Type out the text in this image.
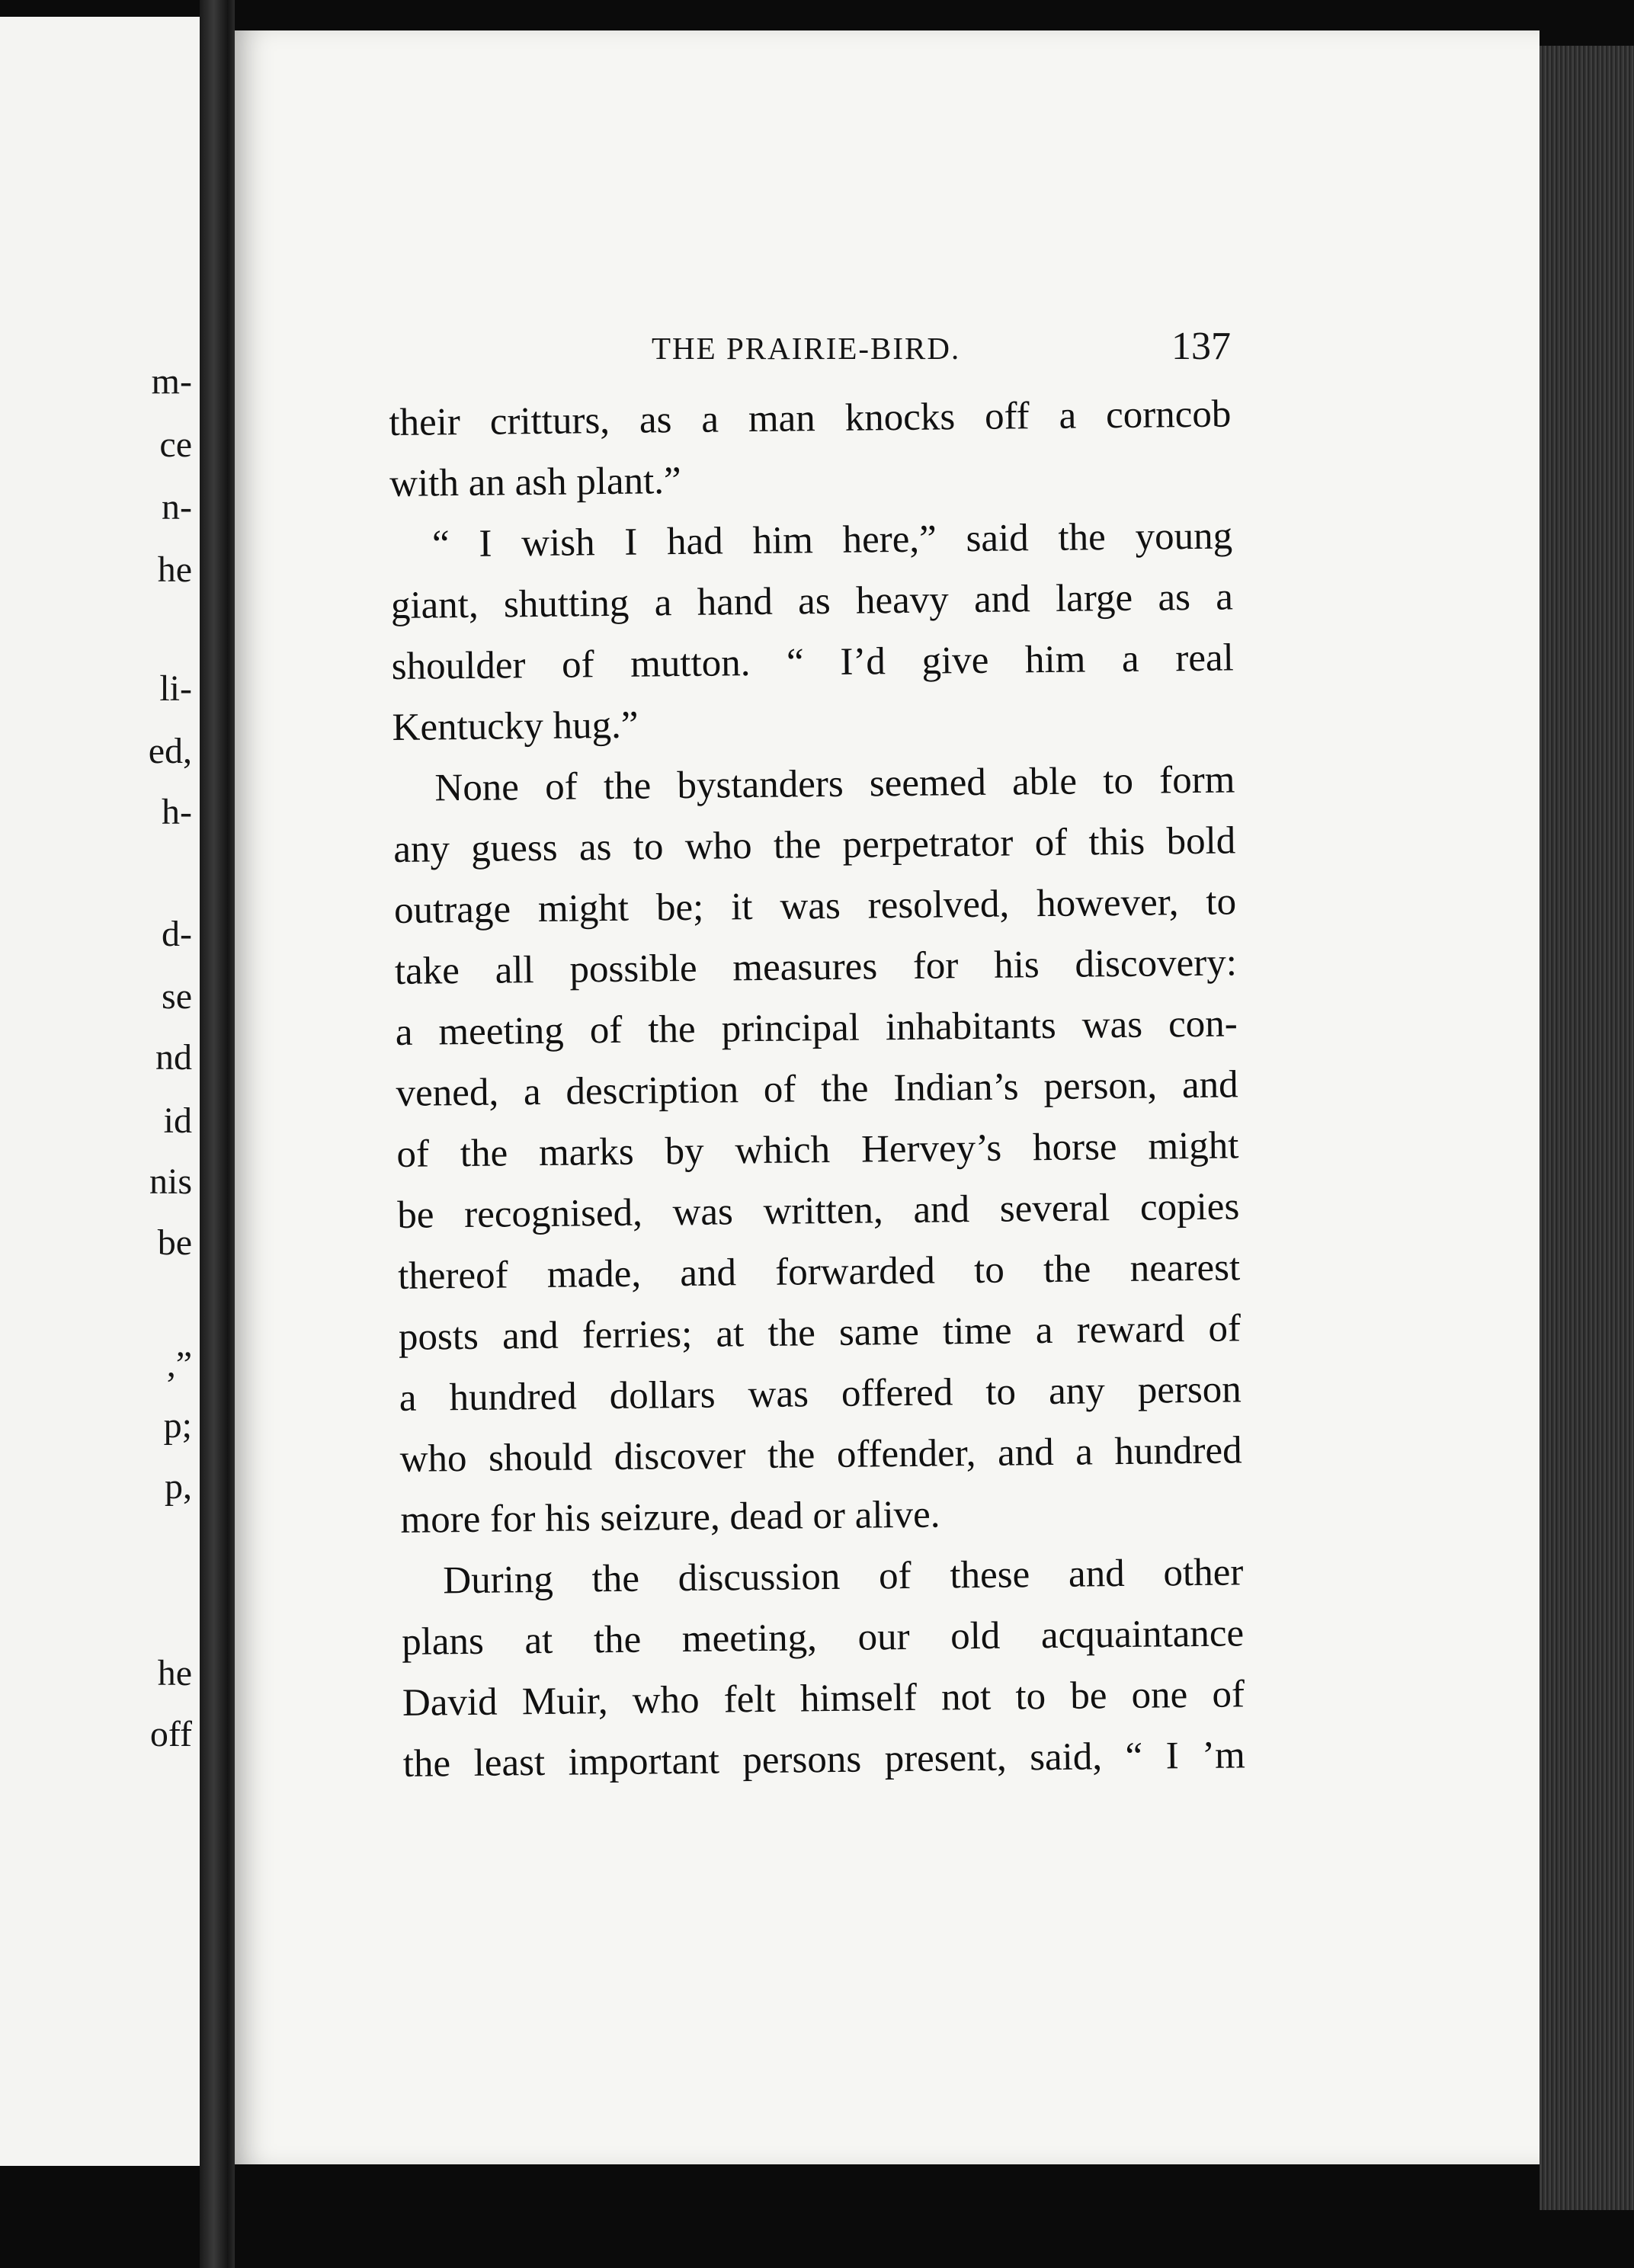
m-
ce
n-
he
li-
ed,
h-
d-
se
nd
id
nis
be
,”
p;
p,
he
off
THE PRAIRIE-BIRD.	137
their critturs, as a man knocks off a corncob
with an ash plant.”
“ I wish I had him here,” said the young
giant, shutting a hand as heavy and large as a
shoulder of mutton. “ I’d give him a real
Kentucky hug.”
None of the bystanders seemed able to form
any guess as to who the perpetrator of this bold
outrage might be; it was resolved, however, to
take all possible measures for his discovery:
a meeting of the principal inhabitants was con-
vened, a description of the Indian’s person, and
of the marks by which Hervey’s horse might
be recognised, was written, and several copies
thereof made, and forwarded to the nearest
posts and ferries; at the same time a reward of
a hundred dollars was offered to any person
who should discover the offender, and a hundred
more for his seizure, dead or alive.
During the discussion of these and other
plans at the meeting, our old acquaintance
David Muir, who felt himself not to be one of
the least important persons present, said, “ I ’m
